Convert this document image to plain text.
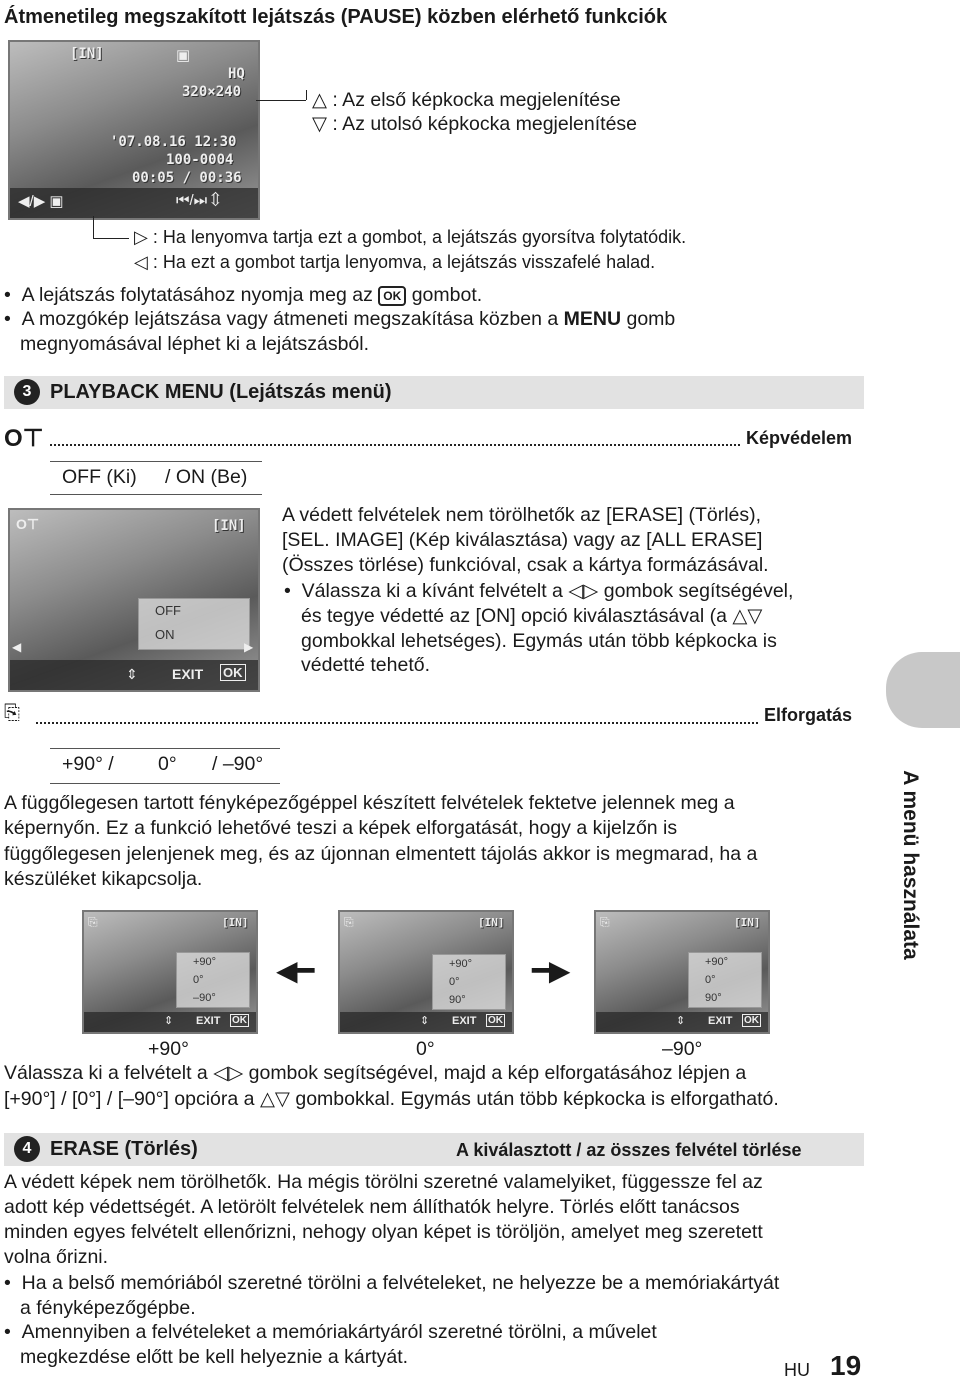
Átmenetileg megszakított lejátszás (PAUSE) közben elérhető funkciók
[IN]	▣
HQ
320×240
'07.08.16 12:30
100-0004
00:05 / 00:36
◀/▶ ▣	⏮/⏭ ⇕
△ : Az első képkocka megjelenítése
▽ : Az utolsó képkocka megjelenítése
▷ : Ha lenyomva tartja ezt a gombot, a lejátszás gyorsítva folytatódik.
◁ : Ha ezt a gombot tartja lenyomva, a lejátszás visszafelé halad.
•  A lejátszás folytatásához nyomja meg az OK gombot.
•  A mozgókép lejátszása vagy átmeneti megszakítása közben a MENU gomb
megnyomásával léphet ki a lejátszásból.
3 PLAYBACK MENU (Lejátszás menü)
O⊤	Képvédelem
OFF (Ki) / ON (Be)
O⊤	[IN]
OFF
ON
◀	▶
⇕ EXIT OK
A védett felvételek nem törölhetők az [ERASE] (Törlés),
[SEL. IMAGE] (Kép kiválasztása) vagy az [ALL ERASE]
(Összes törlése) funkcióval, csak a kártya formázásával.
•  Válassza ki a kívánt felvételt a ◁▷ gombok segítségével,
és tegye védetté az [ON] opció kiválasztásával (a △▽
gombokkal lehetséges). Egymás után több képkocka is
védetté tehető.
⎘	Elforgatás
+90° / 0° / –90°
A függőlegesen tartott fényképezőgéppel készített felvételek fektetve jelennek meg a
képernyőn. Ez a funkció lehetővé teszi a képek elforgatását, hogy a kijelzőn is
függőlegesen jelenjenek meg, és az újonnan elmentett tájolás akkor is megmarad, ha a
készüléket kikapcsolja.
⎘	[IN]
+90°
0°
–90°
⇕ EXIT OK
◀━
⎘	[IN]
+90°
0°
90°
⇕ EXIT OK
━▶
⎘	[IN]
+90°
0°
90°
⇕ EXIT OK
+90°	0°	–90°
Válassza ki a felvételt a ◁▷ gombok segítségével, majd a kép elforgatásához lépjen a
[+90°] / [0°] / [–90°] opcióra a △▽ gombokkal. Egymás után több képkocka is elforgatható.
4 ERASE (Törlés)	A kiválasztott / az összes felvétel törlése
A védett képek nem törölhetők. Ha mégis törölni szeretné valamelyiket, függessze fel az
adott kép védettségét. A letörölt felvételek nem állíthatók helyre. Törlés előtt tanácsos
minden egyes felvételt ellenőrizni, nehogy olyan képet is töröljön, amelyet meg szeretett
volna őrizni.
•  Ha a belső memóriából szeretné törölni a felvételeket, ne helyezze be a memóriakártyát
a fényképezőgépbe.
•  Amennyiben a felvételeket a memóriakártyáról szeretné törölni, a művelet
megkezdése előtt be kell helyeznie a kártyát.
A menü használata
HU 19
